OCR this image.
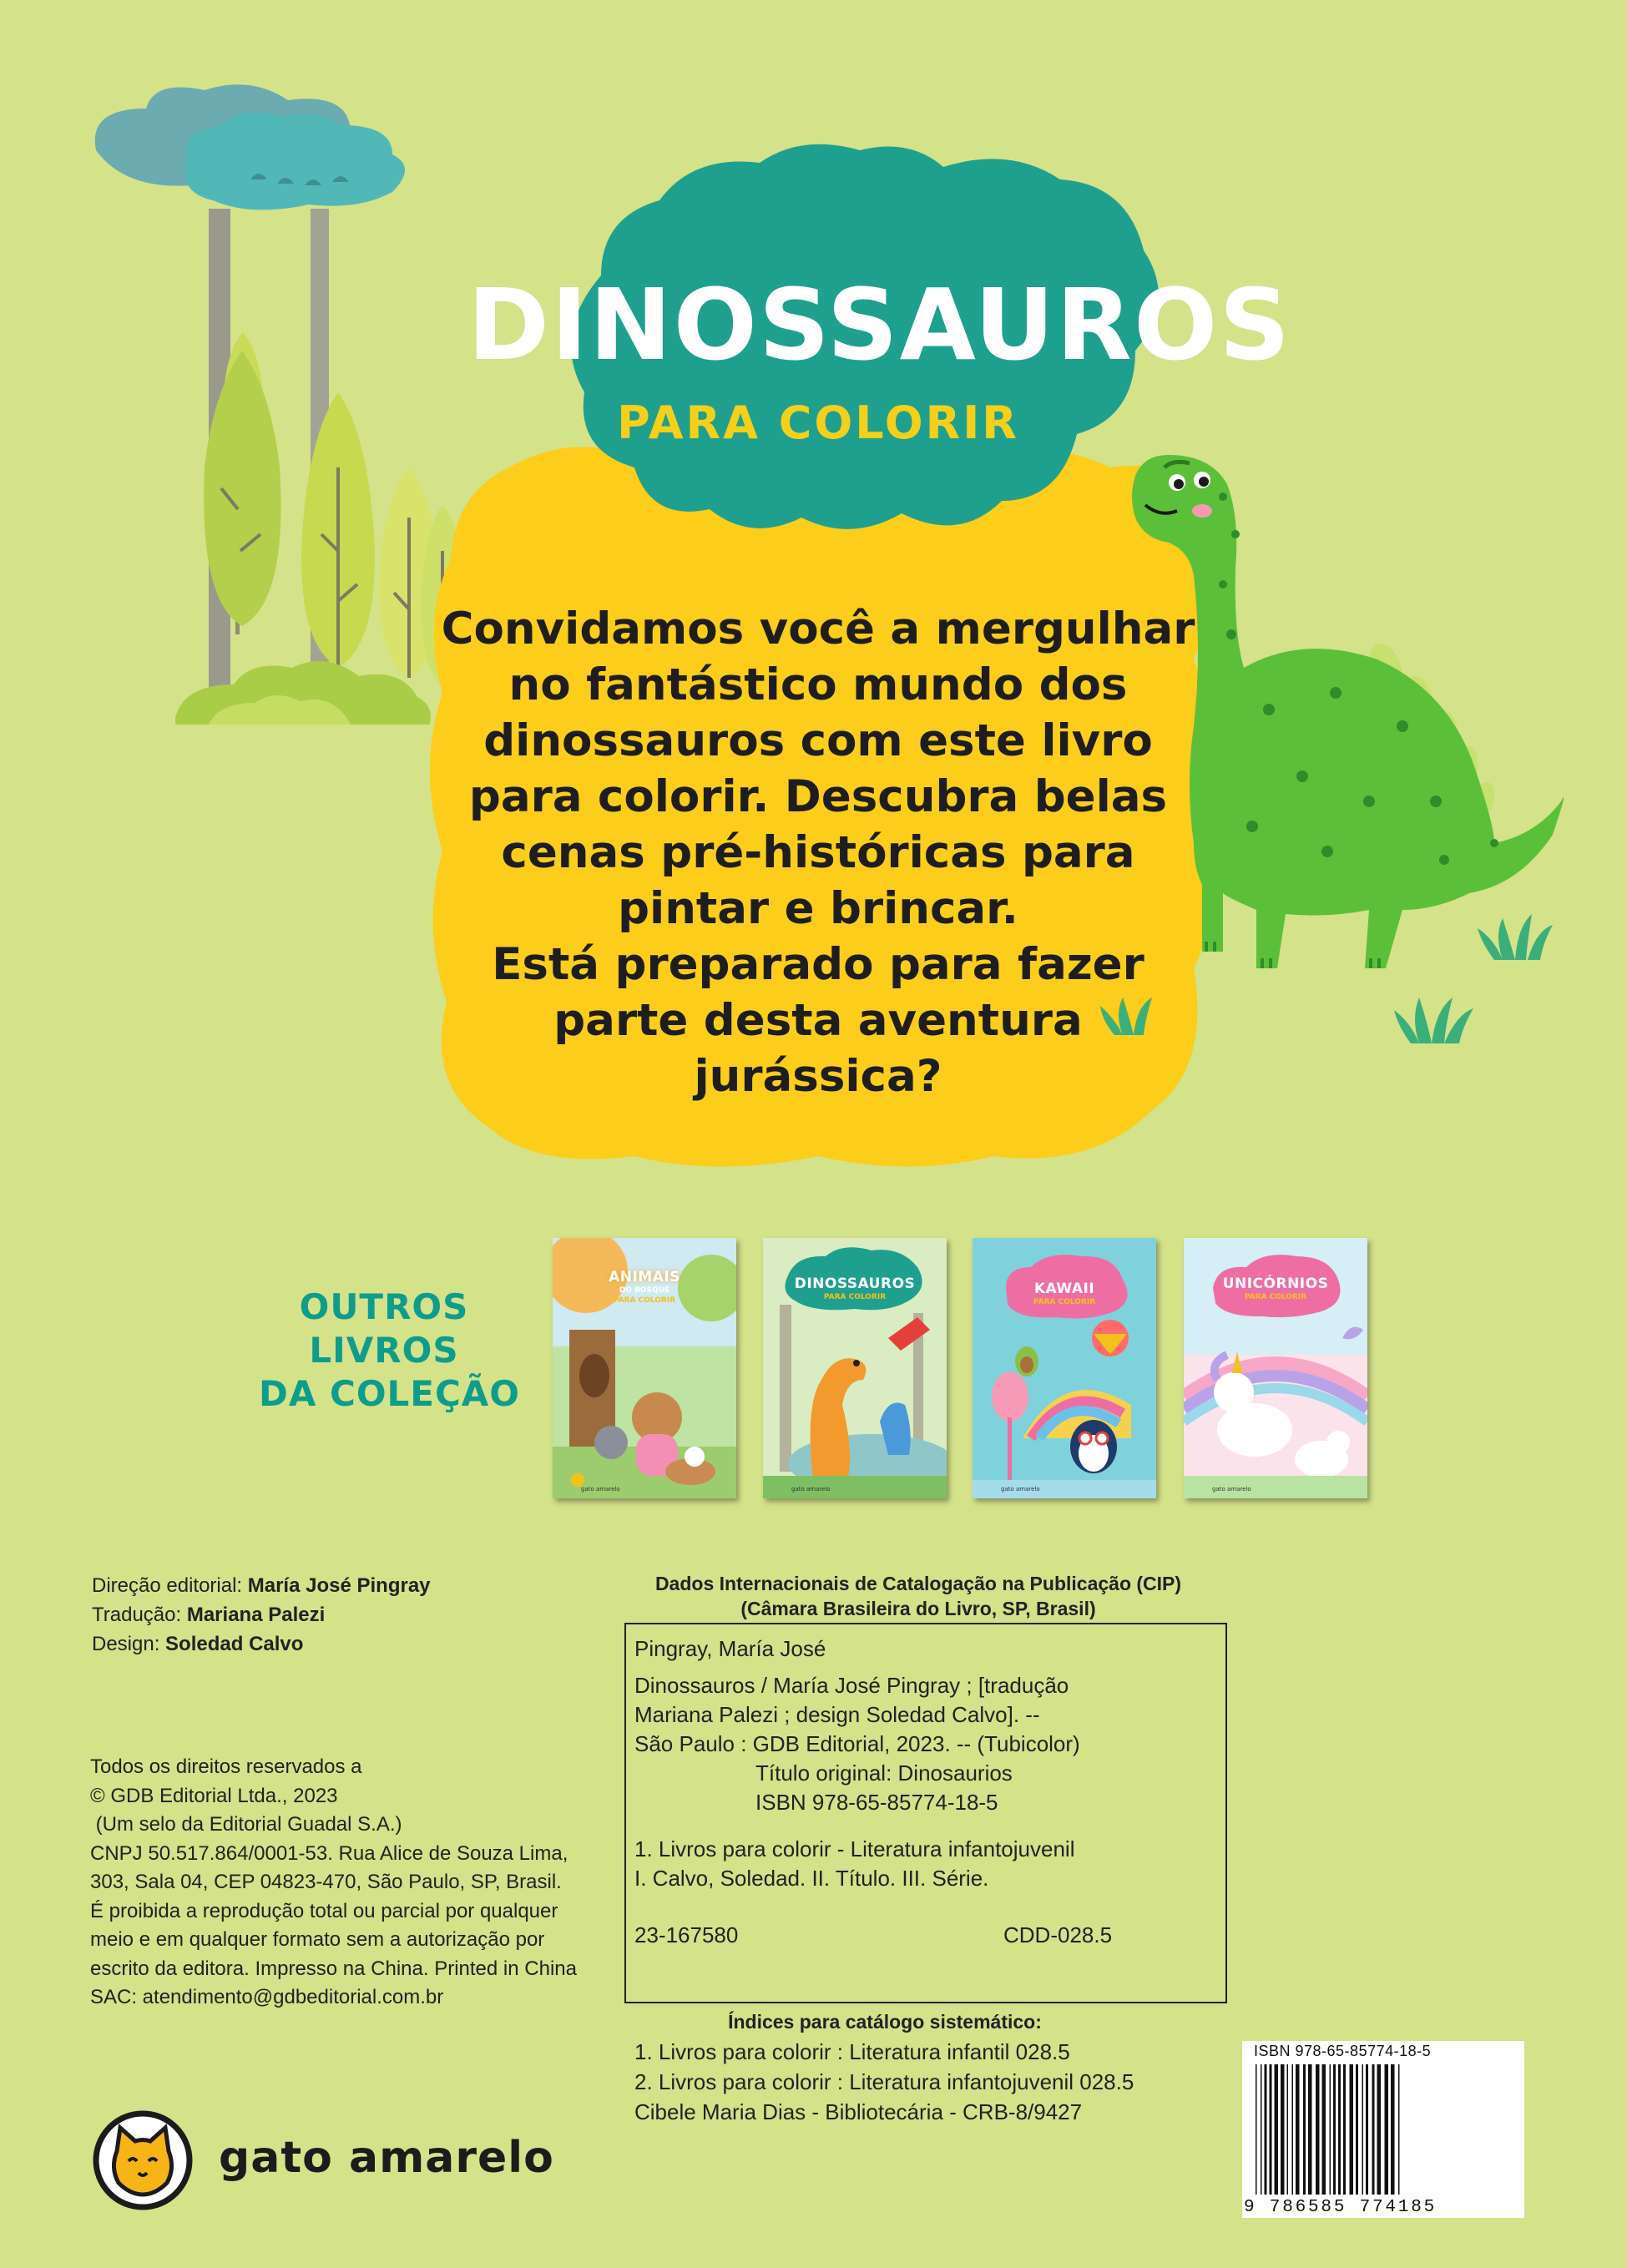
DINOSSAUROS
PARA COLORIR
Convidamos você a mergulhar
no fantástico mundo dos
dinossauros com este livro
para colorir. Descubra belas
cenas pré-históricas para
pintar e brincar.
Está preparado para fazer
parte desta aventura
jurássica?
OUTROS
LIVROS
DA COLEÇÃO
ANIMAIS
DO BOSQUE
PARA COLORIR
gato amarelo
DINOSSAUROS
PARA COLORIR
gato amarelo
KAWAII
PARA COLORIR
gato amarelo
UNICÓRNIOS
PARA COLORIR
gato amarelo
Direção editorial: María José Pingray
Tradução: Mariana Palezi
Design: Soledad Calvo
Todos os direitos reservados a
© GDB Editorial Ltda., 2023
(Um selo da Editorial Guadal S.A.)
CNPJ 50.517.864/0001-53. Rua Alice de Souza Lima,
303, Sala 04, CEP 04823-470, São Paulo, SP, Brasil.
É proibida a reprodução total ou parcial por qualquer
meio e em qualquer formato sem a autorização por
escrito da editora. Impresso na China. Printed in China
SAC: atendimento@gdbeditorial.com.br
Dados Internacionais de Catalogação na Publicação (CIP)
(Câmara Brasileira do Livro, SP, Brasil)
Pingray, María José
Dinossauros / María José Pingray ; [tradução
Mariana Palezi ; design Soledad Calvo]. --
São Paulo : GDB Editorial, 2023. -- (Tubicolor)
Título original: Dinosaurios
ISBN 978-65-85774-18-5
1. Livros para colorir - Literatura infantojuvenil
I. Calvo, Soledad. II. Título. III. Série.
23-167580	CDD-028.5
Índices para catálogo sistemático:
1. Livros para colorir : Literatura infantil 028.5
2. Livros para colorir : Literatura infantojuvenil 028.5
Cibele Maria Dias - Bibliotecária - CRB-8/9427
ISBN 978-65-85774-18-5
9 786585 774185
gato amarelo
